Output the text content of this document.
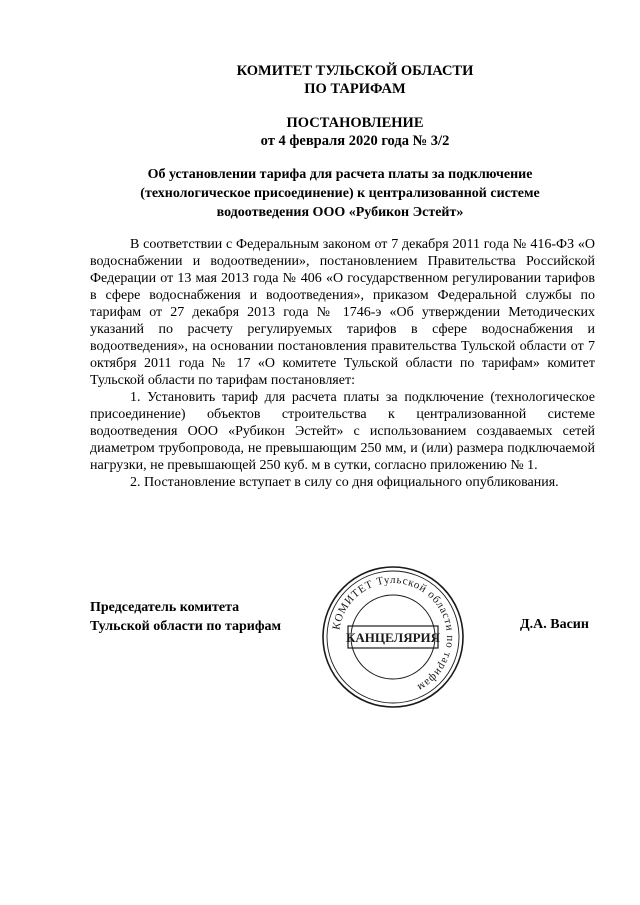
КОМИТЕТ ТУЛЬСКОЙ ОБЛАСТИ
ПО ТАРИФАМ
ПОСТАНОВЛЕНИЕ
от 4 февраля 2020 года № 3/2
Об установлении тарифа для расчета платы за подключение
(технологическое присоединение) к централизованной системе
водоотведения ООО «Рубикон Эстейт»

В соответствии с Федеральным законом от 7 декабря 2011 года № 416-ФЗ «О водоснабжении и водоотведении», постановлением Правительства Российской Федерации от 13 мая 2013 года № 406 «О государственном регулировании тарифов в сфере водоснабжения и водоотведения», приказом Федеральной службы по тарифам от 27 декабря 2013 года № 1746-э «Об утверждении Методических указаний по расчету регулируемых тарифов в сфере водоснабжения и водоотведения», на основании постановления правительства Тульской области от 7 октября 2011 года № 17 «О комитете Тульской области по тарифам» комитет Тульской области по тарифам постановляет:

1. Установить тариф для расчета платы за подключение (технологическое присоединение) объектов строительства к централизованной системе водоотведения ООО «Рубикон Эстейт» с использованием создаваемых сетей диаметром трубопровода, не превышающим 250 мм, и (или) размера подключаемой нагрузки, не превышающей 250 куб. м в сутки, согласно приложению № 1.

2. Постановление вступает в силу со дня официального опубликования.

Председатель комитета
Тульской области по тарифам	КОМИТЕТ Тульской области по тарифам
КАНЦЕЛЯРИЯ
Д.А. Васин
